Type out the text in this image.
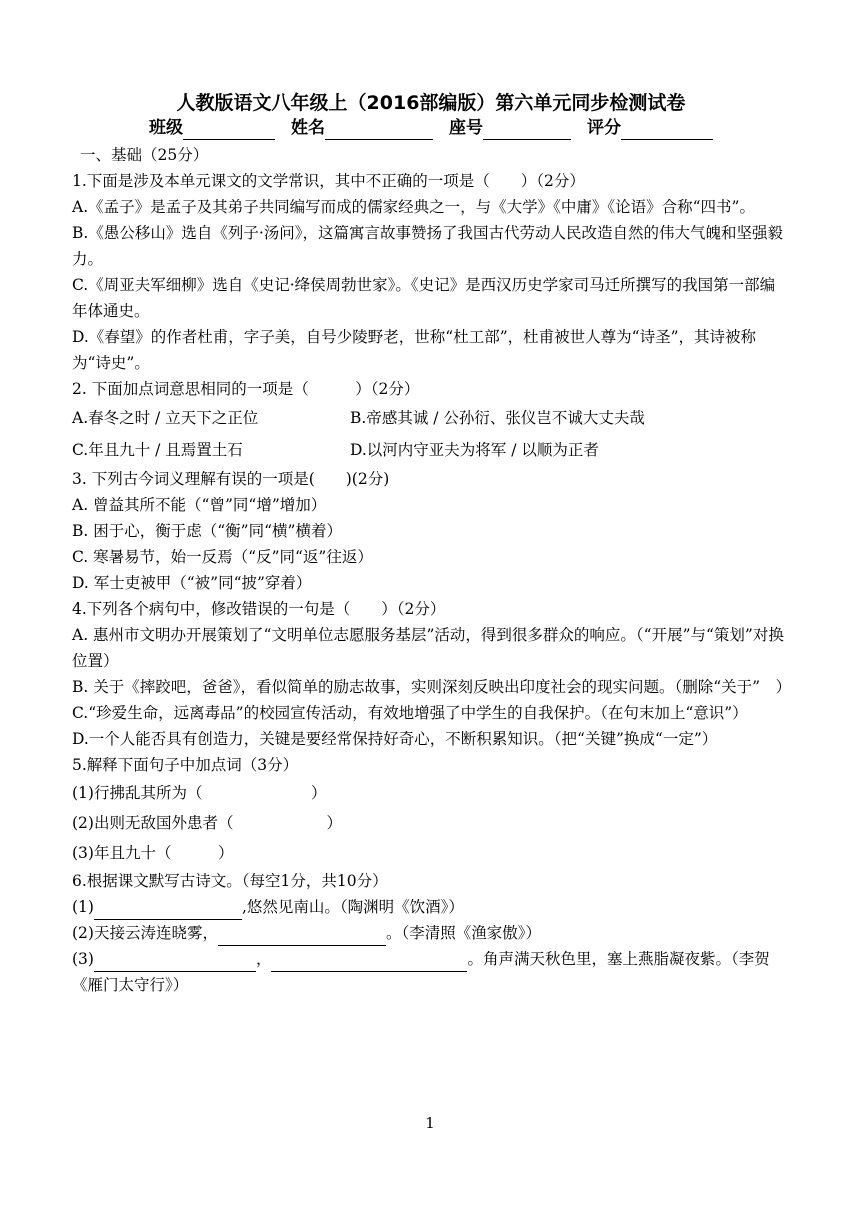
人教版语文八年级上（2016部编版）第六单元同步检测试卷
班级	姓名	座号	评分
一、基础（25分）
1.下面是涉及本单元课文的文学常识，其中不正确的一项是（　　）（2分）
A.《孟子》是孟子及其弟子共同编写而成的儒家经典之一，与《大学》《中庸》《论语》合称“四书”。
B.《愚公移山》选自《列子·汤问》，这篇寓言故事赞扬了我国古代劳动人民改造自然的伟大气魄和坚强毅力。
C.《周亚夫军细柳》选自《史记·绛侯周勃世家》。《史记》是西汉历史学家司马迁所撰写的我国第一部编年体通史。
D.《春望》的作者杜甫，字子美，自号少陵野老，世称“杜工部”，杜甫被世人尊为“诗圣”，其诗被称为“诗史”。
2. 下面加点词意思相同的一项是（　　　）（2分）
A.春冬之时 / 立天下之正位	B.帝感其诚 / 公孙衍、张仪岂不诚大丈夫哉
C.年且九十 / 且焉置土石	D.以河内守亚夫为将军 / 以顺为正者
3. 下列古今词义理解有误的一项是(　　)(2分)
A. 曾益其所不能（“曾”同“增”增加）
B. 困于心，衡于虑（“衡”同“横”横着）
C. 寒暑易节，始一反焉（“反”同“返”往返）
D. 军士吏被甲（“被”同“披”穿着）
4.下列各个病句中，修改错误的一句是（　　）（2分）
A. 惠州市文明办开展策划了“文明单位志愿服务基层”活动，得到很多群众的响应。（“开展”与“策划”对换位置）
B. 关于《摔跤吧，爸爸》，看似简单的励志故事，实则深刻反映出印度社会的现实问题。（删除“关于”　）
C.“珍爱生命，远离毒品”的校园宣传活动，有效地增强了中学生的自我保护。（在句末加上“意识”）
D.一个人能否具有创造力，关键是要经常保持好奇心，不断积累知识。（把“关键”换成“一定”）
5.解释下面句子中加点词（3分）
(1)行拂乱其所为（　　　　　　　）
(2)出则无敌国外患者（　　　　　　）
(3)年且九十（　　　）
6.根据课文默写古诗文。（每空1分，共10分）
(1)	,悠然见南山。（陶渊明《饮酒》）
(2)天接云涛连晓雾，	。（李清照《渔家傲》）
(3)	，	。角声满天秋色里，塞上燕脂凝夜紫。（李贺《雁门太守行》）
1
